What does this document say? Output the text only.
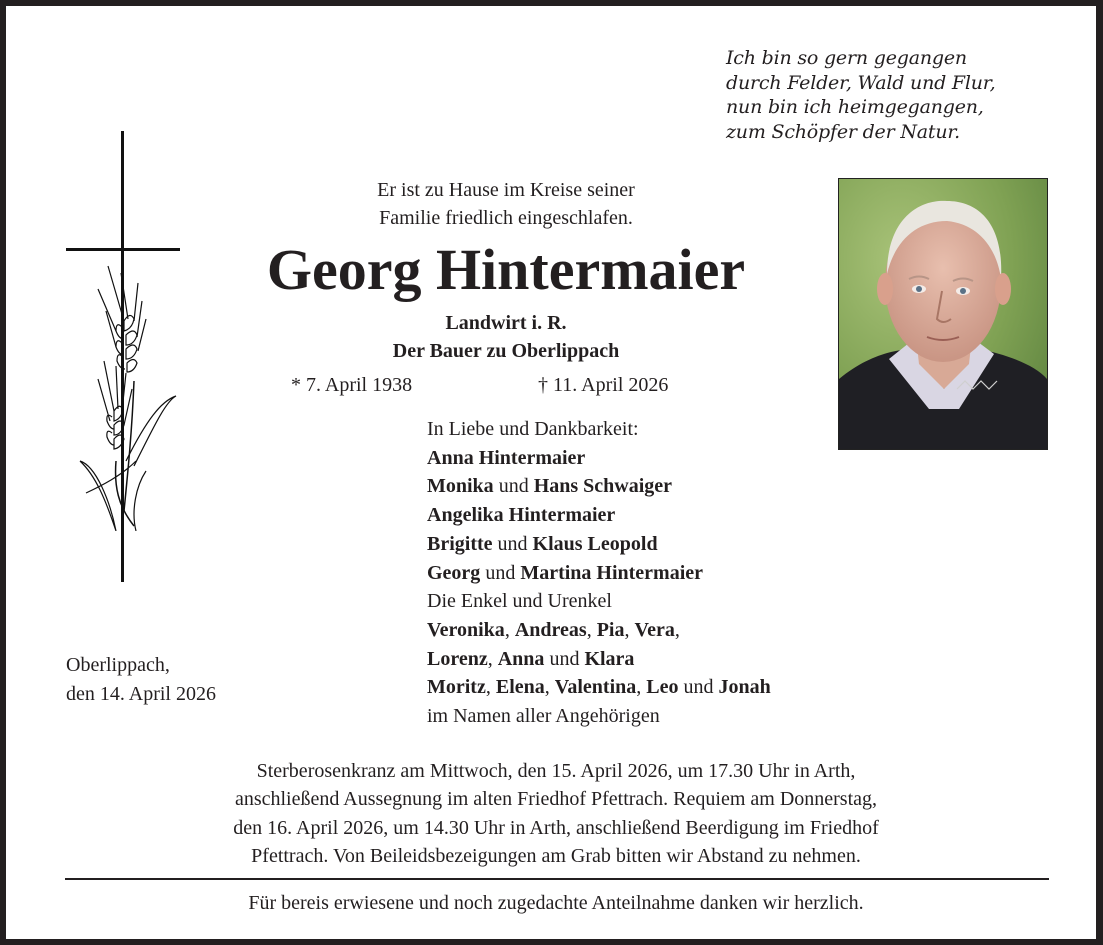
Ich bin so gern gegangen
durch Felder, Wald und Flur,
nun bin ich heimgegangen,
zum Schöpfer der Natur.
Er ist zu Hause im Kreise seiner
Familie friedlich eingeschlafen.
Georg Hintermaier
Landwirt i. R.
Der Bauer zu Oberlippach
* 7. April 1938	† 11. April 2026
In Liebe und Dankbarkeit:
Anna Hintermaier
Monika und Hans Schwaiger
Angelika Hintermaier
Brigitte und Klaus Leopold
Georg und Martina Hintermaier
Die Enkel und Urenkel
Veronika, Andreas, Pia, Vera,
Lorenz, Anna und Klara
Moritz, Elena, Valentina, Leo und Jonah
im Namen aller Angehörigen
Oberlippach,
den 14. April 2026
Sterberosenkranz am Mittwoch, den 15. April 2026, um 17.30 Uhr in Arth,
anschließend Aussegnung im alten Friedhof Pfettrach. Requiem am Donnerstag,
den 16. April 2026, um 14.30 Uhr in Arth, anschließend Beerdigung im Friedhof
Pfettrach. Von Beileidsbezeigungen am Grab bitten wir Abstand zu nehmen.
Für bereis erwiesene und noch zugedachte Anteilnahme danken wir herzlich.
